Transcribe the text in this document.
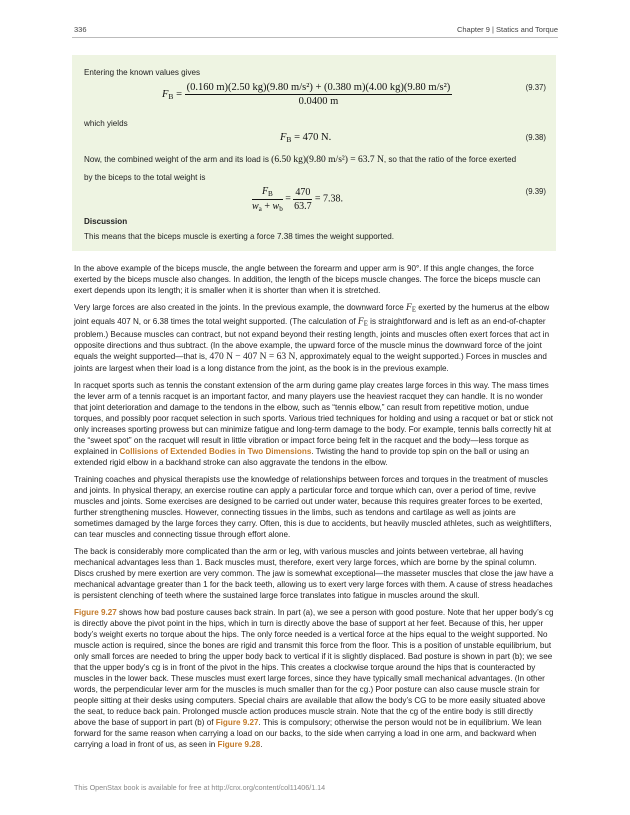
336	Chapter 9 | Statics and Torque

Entering the known values gives

$F_B$ =
(0.160 m)(2.50 kg)(9.80 m/s²) + (0.380 m)(4.00 kg)(9.80 m/s²)
0.0400 m
(9.37)

which yields

$F_B = 470$ N.	(9.38)

Now, the combined weight of the arm and its load is (6.50 kg)(9.80 m/s²) = 63.7 N, so that the ratio of the force exerted

by the biceps to the total weight is

$\frac{F_B}{w_a + w_b} = \frac{470}{63.7} = 7.38$.
(9.39)

Discussion

This means that the biceps muscle is exerting a force 7.38 times the weight supported.

In the above example of the biceps muscle, the angle between the forearm and upper arm is 90°. If this angle changes, the force exerted by the biceps muscle also changes. In addition, the length of the biceps muscle changes. The force the biceps muscle can exert depends upon its length; it is smaller when it is shorter than when it is stretched.

Very large forces are also created in the joints. In the previous example, the downward force $F_E$ exerted by the humerus at the elbow joint equals 407 N, or 6.38 times the total weight supported. (The calculation of $F_E$ is straightforward and is left as an end-of-chapter problem.) Because muscles can contract, but not expand beyond their resting length, joints and muscles often exert forces that act in opposite directions and thus subtract. (In the above example, the upward force of the muscle minus the downward force of the joint equals the weight supported—that is, 470 N − 407 N = 63 N, approximately equal to the weight supported.) Forces in muscles and joints are largest when their load is a long distance from the joint, as the book is in the previous example.

In racquet sports such as tennis the constant extension of the arm during game play creates large forces in this way. The mass times the lever arm of a tennis racquet is an important factor, and many players use the heaviest racquet they can handle. It is no wonder that joint deterioration and damage to the tendons in the elbow, such as “tennis elbow,” can result from repetitive motion, undue torques, and possibly poor racquet selection in such sports. Various tried techniques for holding and using a racquet or bat or stick not only increases sporting prowess but can minimize fatigue and long-term damage to the body. For example, tennis balls correctly hit at the “sweet spot” on the racquet will result in little vibration or impact force being felt in the racquet and the body—less torque as explained in Collisions of Extended Bodies in Two Dimensions. Twisting the hand to provide top spin on the ball or using an extended rigid elbow in a backhand stroke can also aggravate the tendons in the elbow.

Training coaches and physical therapists use the knowledge of relationships between forces and torques in the treatment of muscles and joints. In physical therapy, an exercise routine can apply a particular force and torque which can, over a period of time, revive muscles and joints. Some exercises are designed to be carried out under water, because this requires greater forces to be exerted, further strengthening muscles. However, connecting tissues in the limbs, such as tendons and cartilage as well as joints are sometimes damaged by the large forces they carry. Often, this is due to accidents, but heavily muscled athletes, such as weightlifters, can tear muscles and connecting tissue through effort alone.

The back is considerably more complicated than the arm or leg, with various muscles and joints between vertebrae, all having mechanical advantages less than 1. Back muscles must, therefore, exert very large forces, which are borne by the spinal column. Discs crushed by mere exertion are very common. The jaw is somewhat exceptional—the masseter muscles that close the jaw have a mechanical advantage greater than 1 for the back teeth, allowing us to exert very large forces with them. A cause of stress headaches is persistent clenching of teeth where the sustained large force translates into fatigue in muscles around the skull.

Figure 9.27 shows how bad posture causes back strain. In part (a), we see a person with good posture. Note that her upper body’s cg is directly above the pivot point in the hips, which in turn is directly above the base of support at her feet. Because of this, her upper body’s weight exerts no torque about the hips. The only force needed is a vertical force at the hips equal to the weight supported. No muscle action is required, since the bones are rigid and transmit this force from the floor. This is a position of unstable equilibrium, but only small forces are needed to bring the upper body back to vertical if it is slightly displaced. Bad posture is shown in part (b); we see that the upper body’s cg is in front of the pivot in the hips. This creates a clockwise torque around the hips that is counteracted by muscles in the lower back. These muscles must exert large forces, since they have typically small mechanical advantages. (In other words, the perpendicular lever arm for the muscles is much smaller than for the cg.) Poor posture can also cause muscle strain for people sitting at their desks using computers. Special chairs are available that allow the body’s CG to be more easily situated above the seat, to reduce back pain. Prolonged muscle action produces muscle strain. Note that the cg of the entire body is still directly above the base of support in part (b) of Figure 9.27. This is compulsory; otherwise the person would not be in equilibrium. We lean forward for the same reason when carrying a load on our backs, to the side when carrying a load in one arm, and backward when carrying a load in front of us, as seen in Figure 9.28.

This OpenStax book is available for free at http://cnx.org/content/col11406/1.14
